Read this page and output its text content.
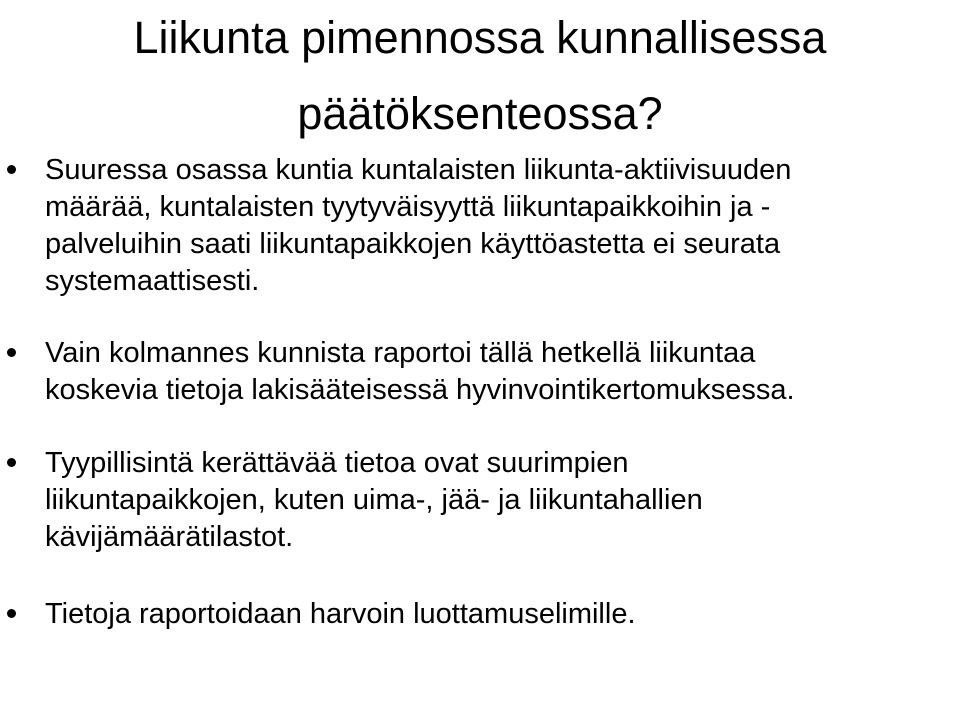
Liikunta pimennossa kunnallisessa
päätöksenteossa?
Suuressa osassa kuntia kuntalaisten liikunta-aktiivisuuden
määrää, kuntalaisten tyytyväisyyttä liikuntapaikkoihin ja -
palveluihin saati liikuntapaikkojen käyttöastetta ei seurata
systemaattisesti.
Vain kolmannes kunnista raportoi tällä hetkellä liikuntaa
koskevia tietoja lakisääteisessä hyvinvointikertomuksessa.
Tyypillisintä kerättävää tietoa ovat suurimpien
liikuntapaikkojen, kuten uima-, jää- ja liikuntahallien
kävijämäärätilastot.
Tietoja raportoidaan harvoin luottamuselimille.
